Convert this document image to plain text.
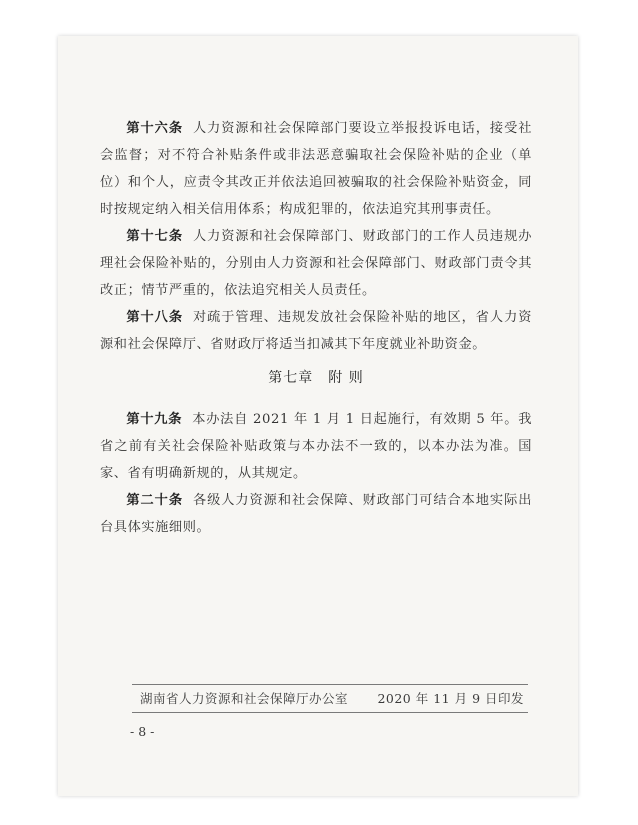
第十六条 人力资源和社会保障部门要设立举报投诉电话，接受社会监督；对不符合补贴条件或非法恶意骗取社会保险补贴的企业（单位）和个人，应责令其改正并依法追回被骗取的社会保险补贴资金，同时按规定纳入相关信用体系；构成犯罪的，依法追究其刑事责任。

第十七条 人力资源和社会保障部门、财政部门的工作人员违规办理社会保险补贴的，分别由人力资源和社会保障部门、财政部门责令其改正；情节严重的，依法追究相关人员责任。

第十八条 对疏于管理、违规发放社会保险补贴的地区，省人力资源和社会保障厅、省财政厅将适当扣减其下年度就业补助资金。

第七章　附 则

第十九条 本办法自 2021 年 1 月 1 日起施行，有效期 5 年。我省之前有关社会保险补贴政策与本办法不一致的，以本办法为准。国家、省有明确新规的，从其规定。

第二十条 各级人力资源和社会保障、财政部门可结合本地实际出台具体实施细则。

湖南省人力资源和社会保障厅办公室 2020 年 11 月 9 日印发
- 8 -
